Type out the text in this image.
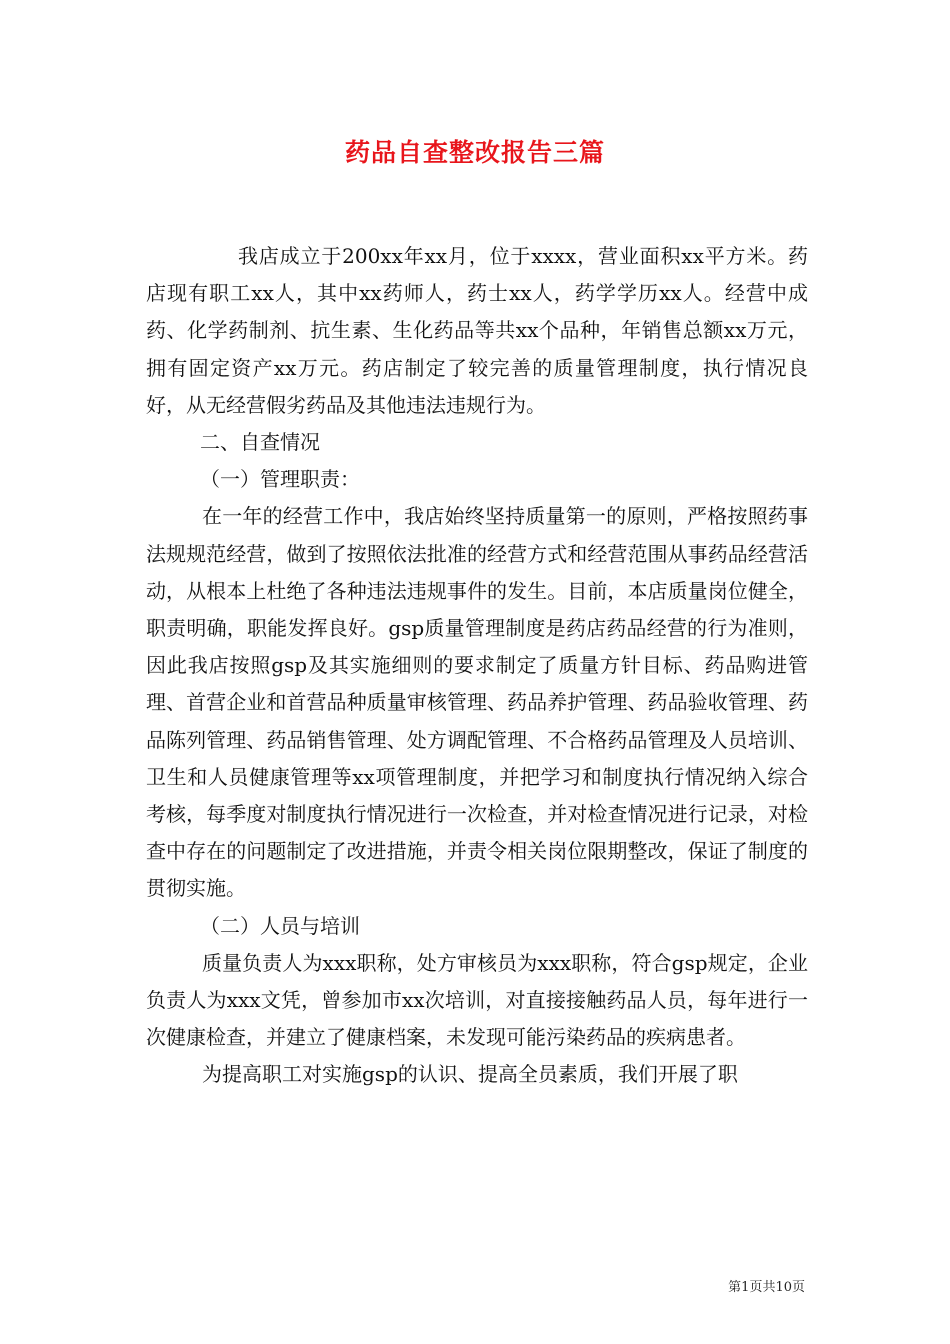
药品自查整改报告三篇

我店成立于200xx年xx月，位于xxxx，营业面积xx平方米。药店现有职工xx人，其中xx药师人，药士xx人，药学学历xx人。经营中成药、化学药制剂、抗生素、生化药品等共xx个品种，年销售总额xx万元，拥有固定资产xx万元。药店制定了较完善的质量管理制度，执行情况良好，从无经营假劣药品及其他违法违规行为。

二、自查情况

（一）管理职责：

在一年的经营工作中，我店始终坚持质量第一的原则，严格按照药事法规规范经营，做到了按照依法批准的经营方式和经营范围从事药品经营活动，从根本上杜绝了各种违法违规事件的发生。目前，本店质量岗位健全，职责明确，职能发挥良好。gsp质量管理制度是药店药品经营的行为准则，因此我店按照gsp及其实施细则的要求制定了质量方针目标、药品购进管理、首营企业和首营品种质量审核管理、药品养护管理、药品验收管理、药品陈列管理、药品销售管理、处方调配管理、不合格药品管理及人员培训、卫生和人员健康管理等xx项管理制度，并把学习和制度执行情况纳入综合考核，每季度对制度执行情况进行一次检查，并对检查情况进行记录，对检查中存在的问题制定了改进措施，并责令相关岗位限期整改，保证了制度的贯彻实施。

（二）人员与培训

质量负责人为xxx职称，处方审核员为xxx职称，符合gsp规定，企业负责人为xxx文凭，曾参加市xx次培训，对直接接触药品人员，每年进行一次健康检查，并建立了健康档案，未发现可能污染药品的疾病患者。

为提高职工对实施gsp的认识、提高全员素质，我们开展了职

第1页共10页
